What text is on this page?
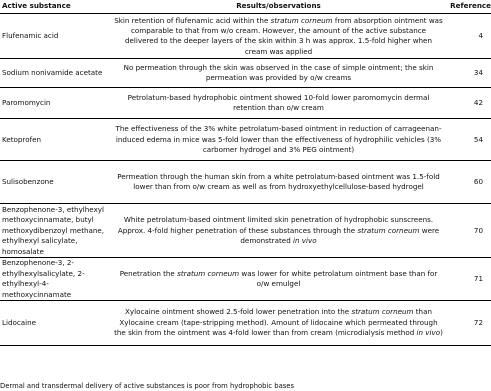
Active substance	Results/observations	Reference
Flufenamic acid	Skin retention of flufenamic acid within the stratum corneum from absorption ointment was comparable to that from w/o cream. However, the amount of the active substance delivered to the deeper layers of the skin within 3 h was approx. 1.5-fold higher when cream was applied	4
Sodium nonivamide acetate	No permeation through the skin was observed in the case of simple ointment; the skin permeation was provided by o/w creams	34
Paromomycin	Petrolatum-based hydrophobic ointment showed 10-fold lower paromomycin dermal retention than o/w cream	42
Ketoprofen	The effectiveness of the 3% white petrolatum-based ointment in reduction of carrageenan-induced edema in mice was 5-fold lower than the effectiveness of hydrophilic vehicles (3% carbomer hydrogel and 3% PEG ointment)	54
Sulisobenzone	Permeation through the human skin from a white petrolatum-based ointment was 1.5-fold lower than from o/w cream as well as from hydroxyethylcellulose-based hydrogel	60
Benzophenone-3, ethylhexyl methoxycinnamate, butyl methoxydibenzoyl methane, ethylhexyl salicylate, homosalate	White petrolatum-based ointment limited skin penetration of hydrophobic sunscreens. Approx. 4-fold higher penetration of these substances through the stratum corneum were demonstrated in vivo	70
Benzophenone-3, 2-ethylhexylsalicylate, 2-ethylhexyl-4-methoxycinnamate	Penetration the stratum corneum was lower for white petrolatum ointment base than for o/w emulgel	71
Lidocaine	Xylocaine ointment showed 2.5-fold lower penetration into the stratum corneum than Xylocaine cream (tape-stripping method). Amount of lidocaine which permeated through the skin from the ointment was 4-fold lower than from cream (microdialysis method in vivo)	72
Dermal and transdermal delivery of active substances is poor from hydrophobic bases
